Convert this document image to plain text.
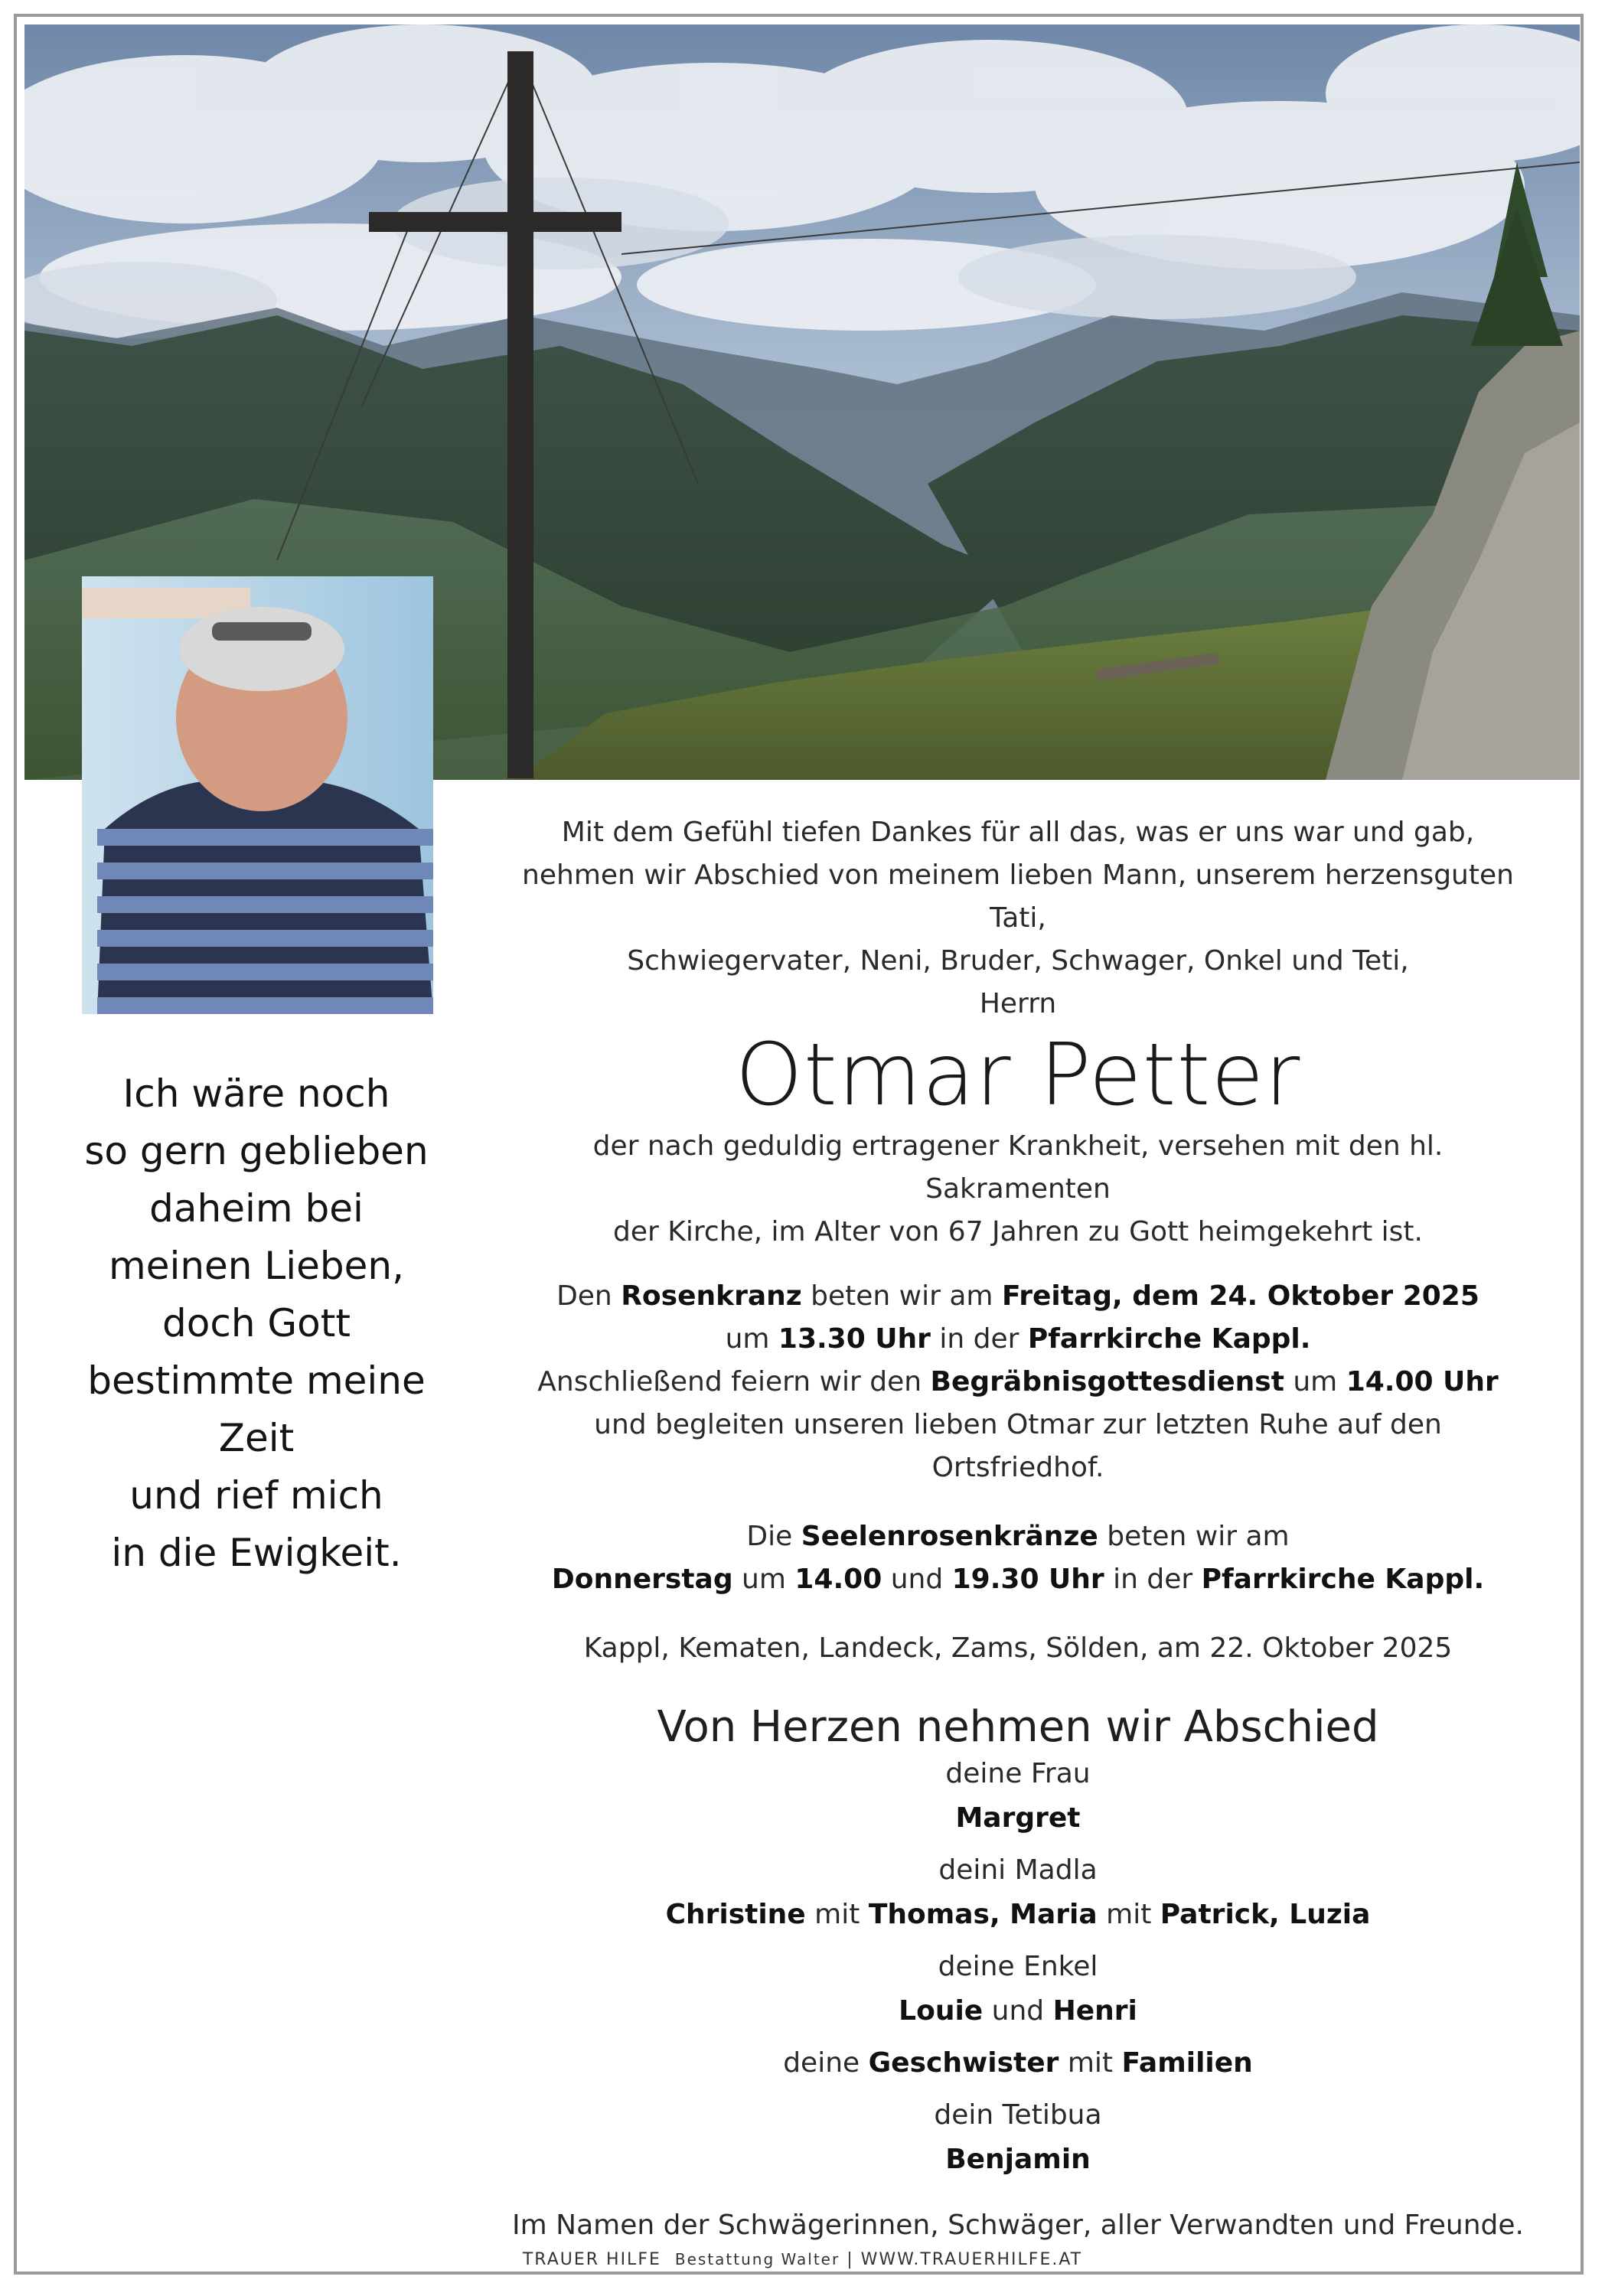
Ich wäre noch

so gern geblieben

daheim bei

meinen Lieben,

doch Gott

bestimmte meine Zeit

und rief mich

in die Ewigkeit.

Mit dem Gefühl tiefen Dankes für all das, was er uns war und gab,

nehmen wir Abschied von meinem lieben Mann, unserem herzensguten Tati,

Schwiegervater, Neni, Bruder, Schwager, Onkel und Teti,

Herrn

Otmar Petter

der nach geduldig ertragener Krankheit, versehen mit den hl. Sakramenten

der Kirche, im Alter von 67 Jahren zu Gott heimgekehrt ist.

Den Rosenkranz beten wir am Freitag, dem 24. Oktober 2025

um 13.30 Uhr in der Pfarrkirche Kappl.

Anschließend feiern wir den Begräbnisgottesdienst um 14.00 Uhr

und begleiten unseren lieben Otmar zur letzten Ruhe auf den Ortsfriedhof.

Die Seelenrosenkränze beten wir am

Donnerstag um 14.00 und 19.30 Uhr in der Pfarrkirche Kappl.

Kappl, Kematen, Landeck, Zams, Sölden, am 22. Oktober 2025

Von Herzen nehmen wir Abschied

deine Frau

Margret

deini Madla

Christine mit Thomas, Maria mit Patrick, Luzia

deine Enkel

Louie und Henri

deine Geschwister mit Familien

dein Tetibua

Benjamin

Im Namen der Schwägerinnen, Schwäger, aller Verwandten und Freunde.

TRAUER HILFE Bestattung Walter | WWW.TRAUERHILFE.AT
